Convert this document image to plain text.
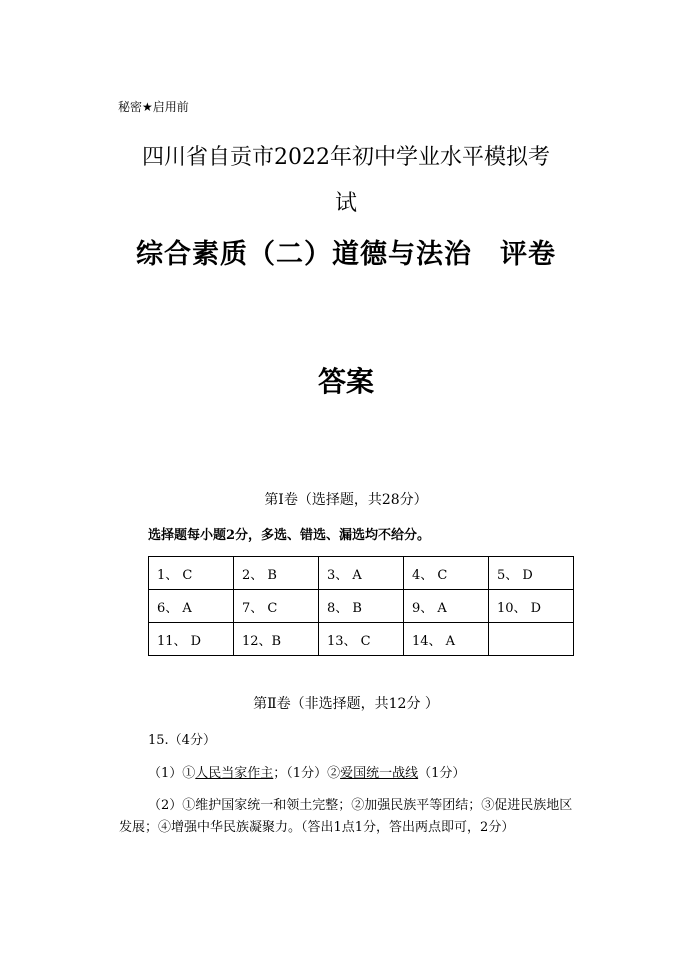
秘密★启用前
四川省自贡市2022年初中学业水平模拟考
试
综合素质（二）道德与法治　评卷
答案
第Ⅰ卷（选择题，共28分）
选择题每小题2分，多选、错选、漏选均不给分。
1、 C	2、 B	3、 A	4、 C	5、 D
6、 A	7、 C	8、 B	9、 A	10、 D
11、 D	12、B	13、 C	14、 A	
第Ⅱ卷（非选择题，共12分 ）
15.（4分）
（1）①人民当家作主；（1分）②爱国统一战线（1分）
（2）①维护国家统一和领土完整；②加强民族平等团结；③促进民族地区发展；④增强中华民族凝聚力。（答出1点1分，答出两点即可，2分）
